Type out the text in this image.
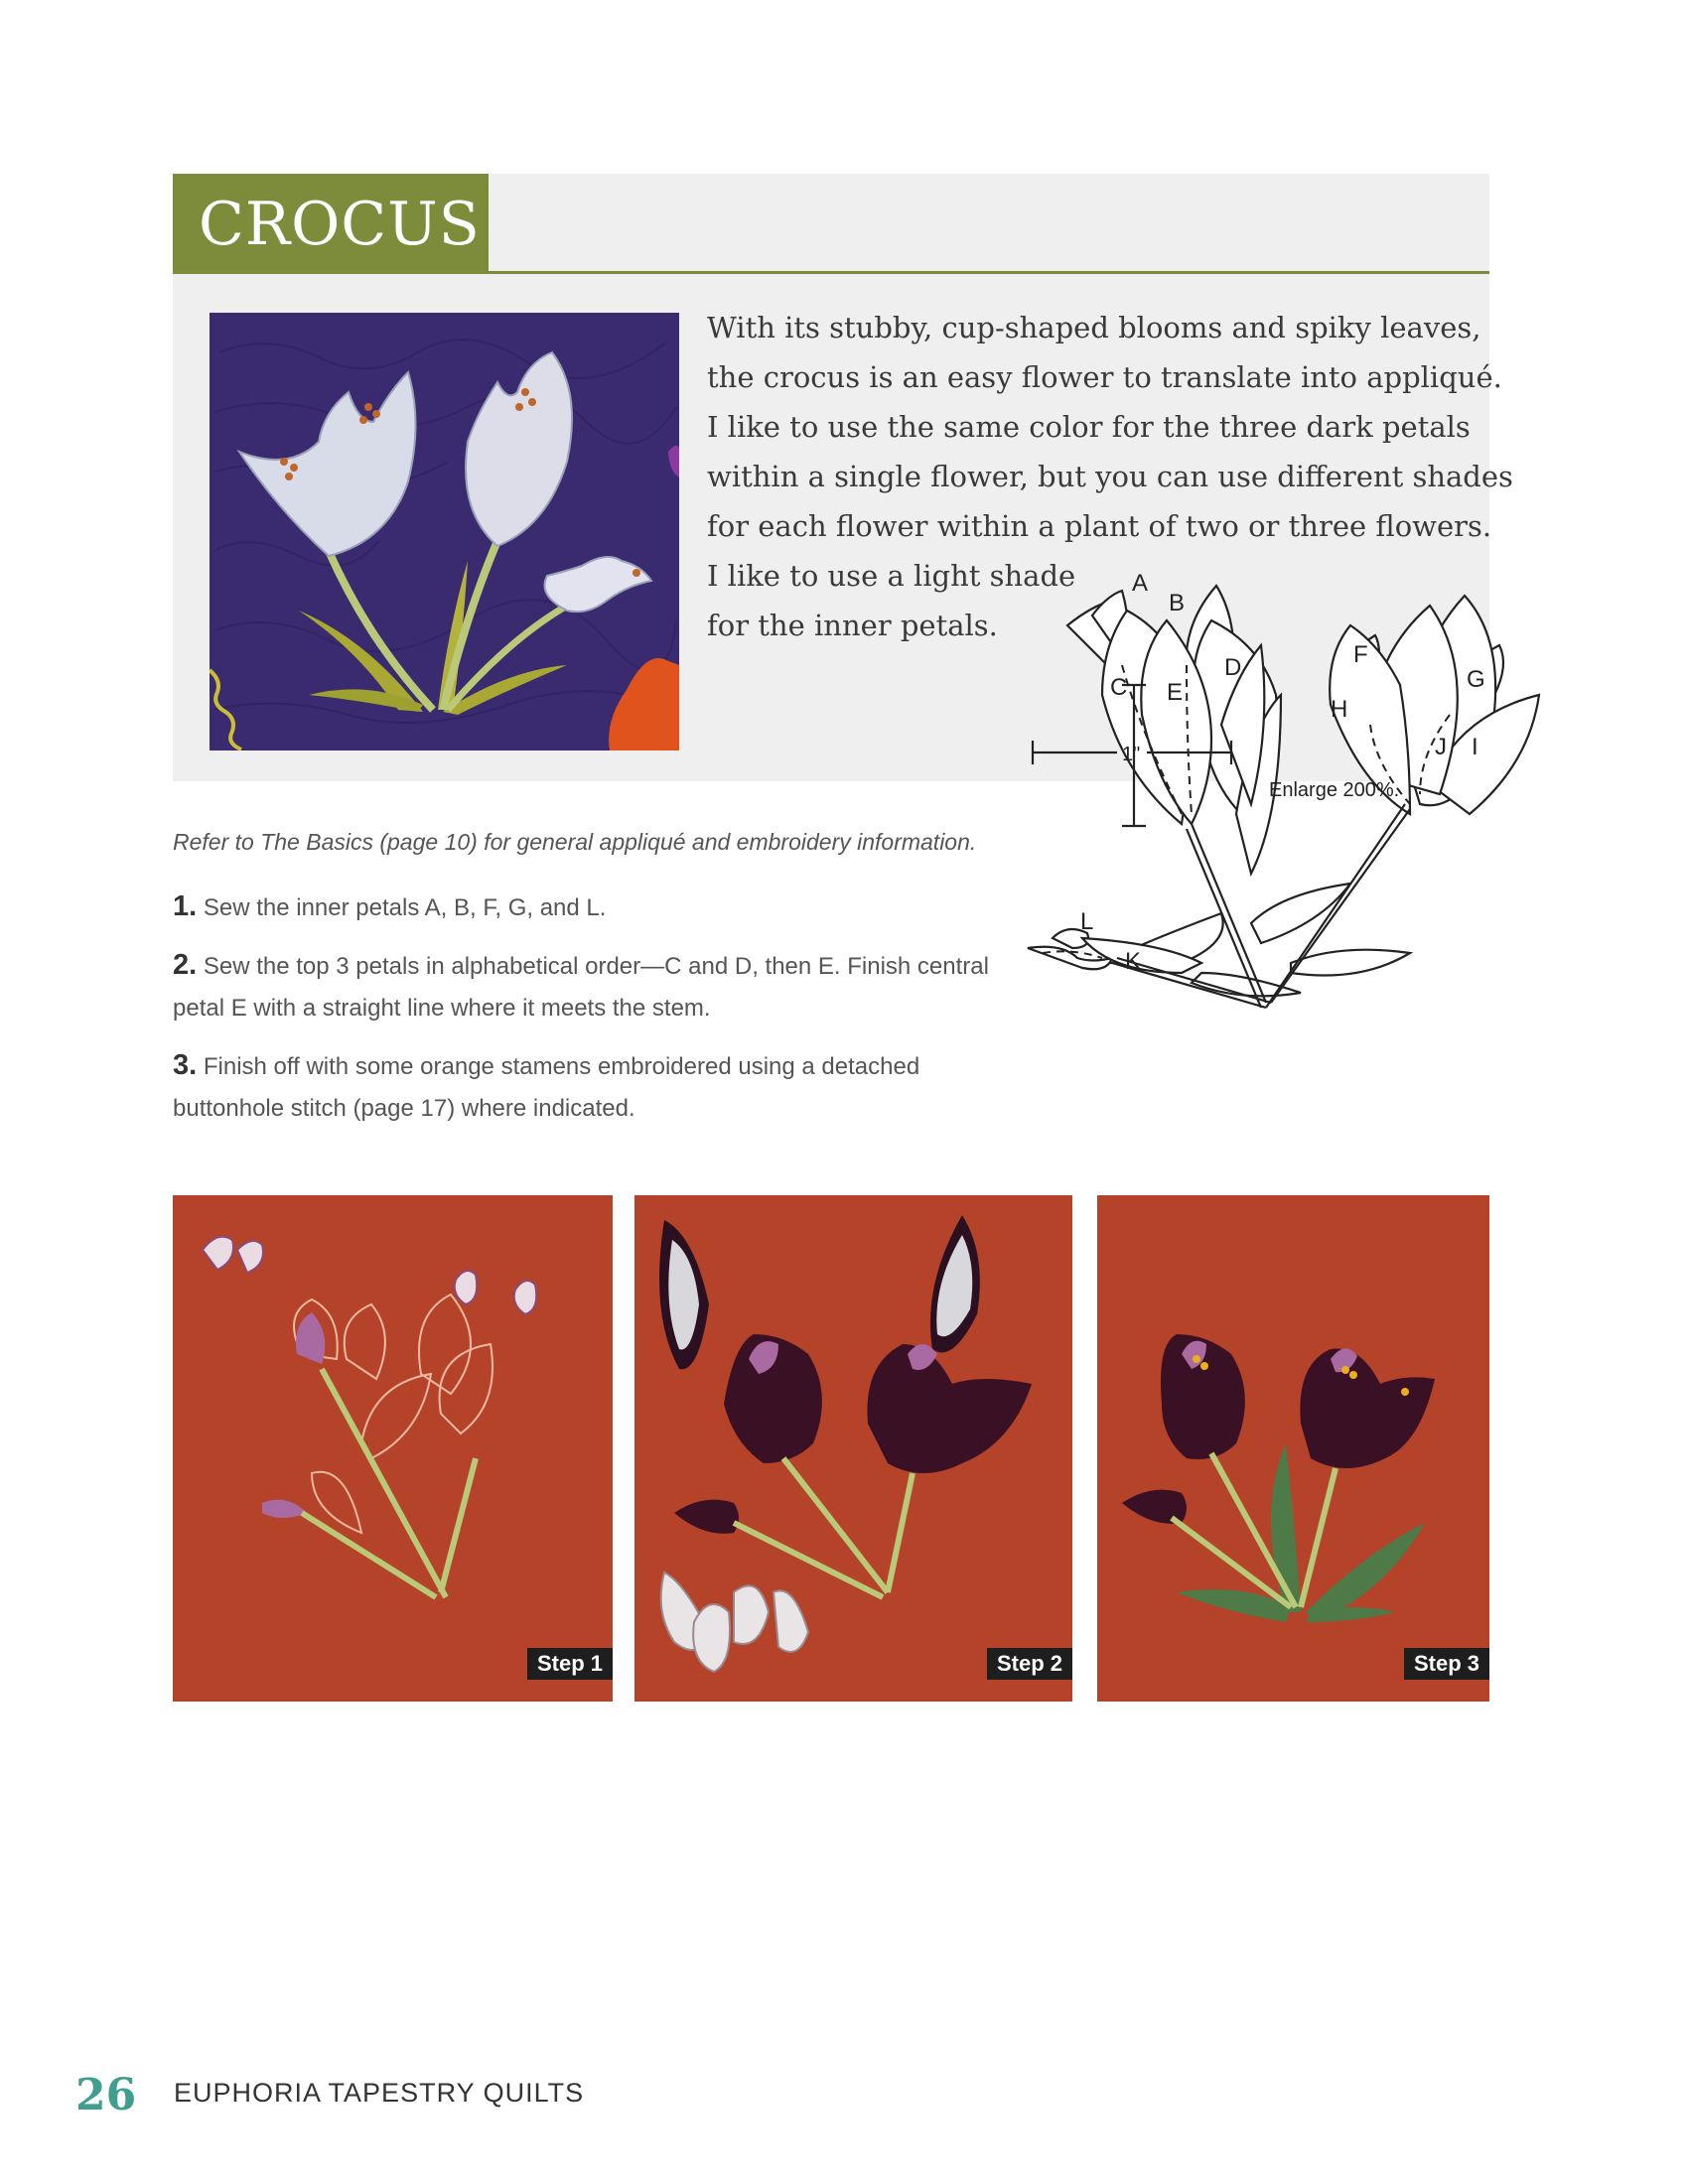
CROCUS
With its stubby, cup-shaped blooms and spiky leaves,
the crocus is an easy flower to translate into appliqué.
I like to use the same color for the three dark petals
within a single flower, but you can use different shades
for each flower within a plant of two or three flowers.
I like to use a light shade
for the inner petals.
Refer to The Basics (page 10) for general appliqué and embroidery information.
1. Sew the inner petals A, B, F, G, and L.
2. Sew the top 3 petals in alphabetical order—C and D, then E. Finish central petal E with a straight line where it meets the stem.
3. Finish off with some orange stamens embroidered using a detached buttonhole stitch (page 17) where indicated.
A
B
C
D
E
F
G
H
I
J
K
L
1"
Enlarge 200%.
Step 1	Step 2	Step 3
26 EUPHORIA TAPESTRY QUILTS
